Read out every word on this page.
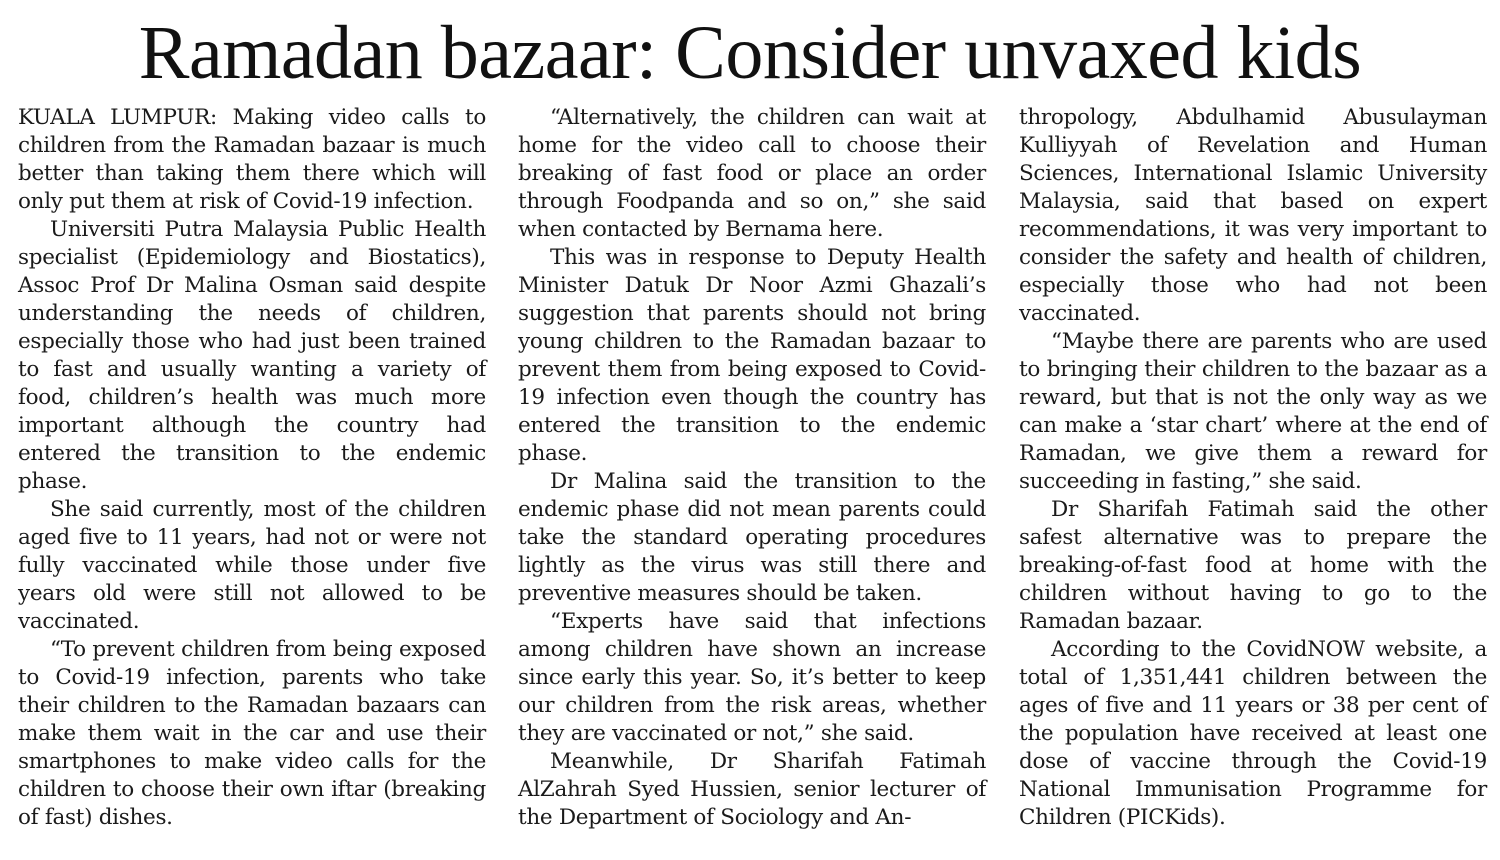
Ramadan bazaar: Consider unvaxed kids

KUALA LUMPUR: Making video calls to children from the Ramadan bazaar is much better than taking them there which will only put them at risk of Covid-19 infection.

Universiti Putra Malaysia Public Health specialist (Epidemiology and Biostatics), Assoc Prof Dr Malina Osman said despite understanding the needs of children, especially those who had just been trained to fast and usually wanting a variety of food, children’s health was much more important although the country had entered the transition to the endemic phase.

She said currently, most of the children aged five to 11 years, had not or were not fully vaccinated while those under five years old were still not allowed to be vaccinated.

“To prevent children from being exposed to Covid-19 infection, parents who take their children to the Ramadan bazaars can make them wait in the car and use their smartphones to make video calls for the children to choose their own iftar (breaking of fast) dishes.

“Alternatively, the children can wait at home for the video call to choose their breaking of fast food or place an order through Foodpanda and so on,” she said when contacted by Bernama here.

This was in response to Deputy Health Minister Datuk Dr Noor Azmi Ghazali’s suggestion that parents should not bring young children to the Ramadan bazaar to prevent them from being exposed to Covid-19 infection even though the country has entered the transition to the endemic phase.

Dr Malina said the transition to the endemic phase did not mean parents could take the standard operating procedures lightly as the virus was still there and preventive measures should be taken.

“Experts have said that infections among children have shown an increase since early this year. So, it’s better to keep our children from the risk areas, whether they are vaccinated or not,” she said.

Meanwhile, Dr Sharifah Fatimah AlZahrah Syed Hussien, senior lecturer of the Department of Sociology and An-

thropology, Abdulhamid Abusulayman Kulliyyah of Revelation and Human Sciences, International Islamic University Malaysia, said that based on expert recommendations, it was very important to consider the safety and health of children, especially those who had not been vaccinated.

“Maybe there are parents who are used to bringing their children to the bazaar as a reward, but that is not the only way as we can make a ‘star chart’ where at the end of Ramadan, we give them a reward for succeeding in fasting,” she said.

Dr Sharifah Fatimah said the other safest alternative was to prepare the breaking-of-fast food at home with the children without having to go to the Ramadan bazaar.

According to the CovidNOW website, a total of 1,351,441 children between the ages of five and 11 years or 38 per cent of the population have received at least one dose of vaccine through the Covid-19 National Immunisation Programme for Children (PICKids).
